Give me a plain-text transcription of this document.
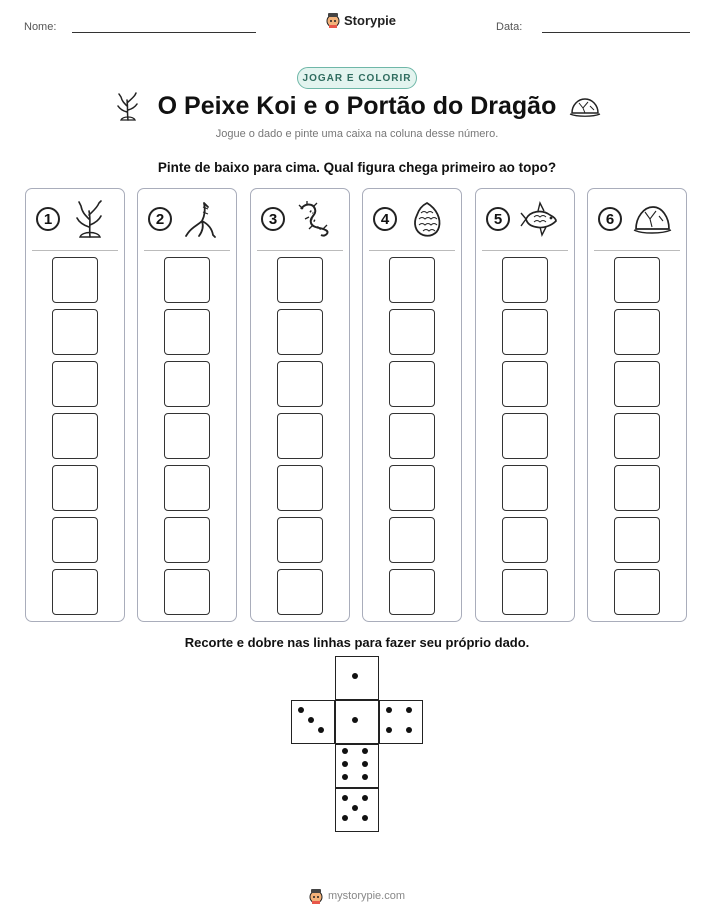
Nome:	Storypie	Data:
JOGAR E COLORIR
O Peixe Koi e o Portão do Dragão
Jogue o dado e pinte uma caixa na coluna desse número.
Pinte de baixo para cima. Qual figura chega primeiro ao topo?
1	2	3	4	5	6
Recorte e dobre nas linhas para fazer seu próprio dado.
mystorypie.com
